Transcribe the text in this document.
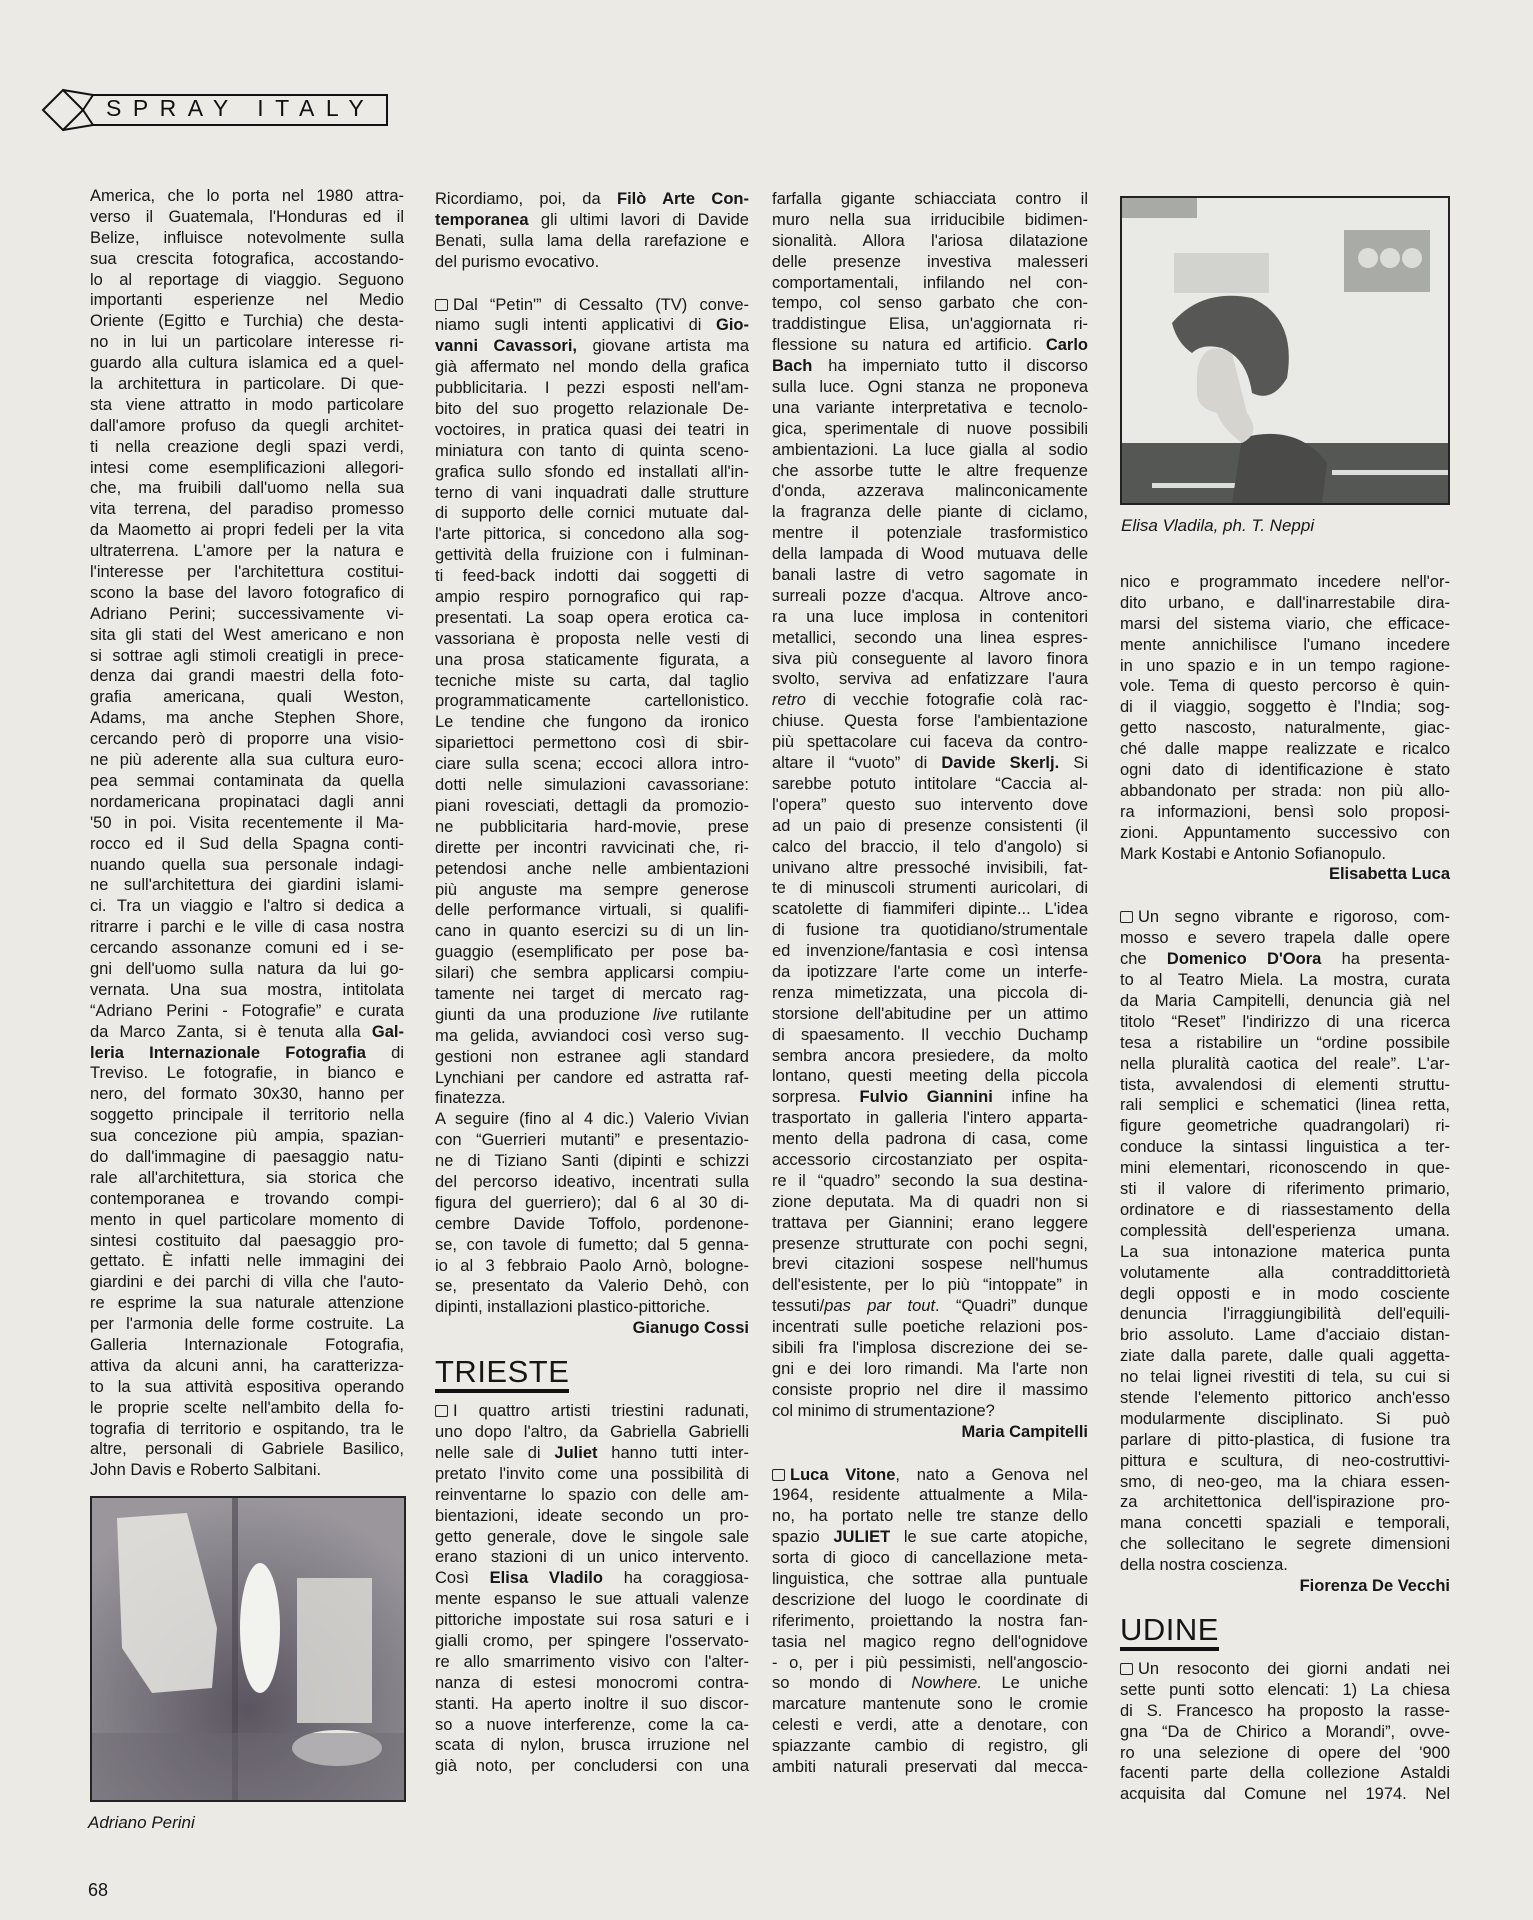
SPRAY ITALY
America, che lo porta nel 1980 attra-
verso il Guatemala, l'Honduras ed il
Belize, influisce notevolmente sulla
sua crescita fotografica, accostando-
lo al reportage di viaggio. Seguono
importanti esperienze nel Medio
Oriente (Egitto e Turchia) che desta-
no in lui un particolare interesse ri-
guardo alla cultura islamica ed a quel-
la architettura in particolare. Di que-
sta viene attratto in modo particolare
dall'amore profuso da quegli architet-
ti nella creazione degli spazi verdi,
intesi come esemplificazioni allegori-
che, ma fruibili dall'uomo nella sua
vita terrena, del paradiso promesso
da Maometto ai propri fedeli per la vita
ultraterrena. L'amore per la natura e
l'interesse per l'architettura costitui-
scono la base del lavoro fotografico di
Adriano Perini; successivamente vi-
sita gli stati del West americano e non
si sottrae agli stimoli creatigli in prece-
denza dai grandi maestri della foto-
grafia americana, quali Weston,
Adams, ma anche Stephen Shore,
cercando però di proporre una visio-
ne più aderente alla sua cultura euro-
pea semmai contaminata da quella
nordamericana propinataci dagli anni
'50 in poi. Visita recentemente il Ma-
rocco ed il Sud della Spagna conti-
nuando quella sua personale indagi-
ne sull'architettura dei giardini islami-
ci. Tra un viaggio e l'altro si dedica a
ritrarre i parchi e le ville di casa nostra
cercando assonanze comuni ed i se-
gni dell'uomo sulla natura da lui go-
vernata. Una sua mostra, intitolata
“Adriano Perini - Fotografie” e curata
da Marco Zanta, si è tenuta alla Gal-
leria Internazionale Fotografia di
Treviso. Le fotografie, in bianco e
nero, del formato 30x30, hanno per
soggetto principale il territorio nella
sua concezione più ampia, spazian-
do dall'immagine di paesaggio natu-
rale all'architettura, sia storica che
contemporanea e trovando compi-
mento in quel particolare momento di
sintesi costituito dal paesaggio pro-
gettato. È infatti nelle immagini dei
giardini e dei parchi di villa che l'auto-
re esprime la sua naturale attenzione
per l'armonia delle forme costruite. La
Galleria Internazionale Fotografia,
attiva da alcuni anni, ha caratterizza-
to la sua attività espositiva operando
le proprie scelte nell'ambito della fo-
tografia di territorio e ospitando, tra le
altre, personali di Gabriele Basilico,
John Davis e Roberto Salbitani.
Ricordiamo, poi, da Filò Arte Con-
temporanea gli ultimi lavori di Davide
Benati, sulla lama della rarefazione e
del purismo evocativo.
Dal “Petin'” di Cessalto (TV) conve-
niamo sugli intenti applicativi di Gio-
vanni Cavassori, giovane artista ma
già affermato nel mondo della grafica
pubblicitaria. I pezzi esposti nell'am-
bito del suo progetto relazionale De-
voctoires, in pratica quasi dei teatri in
miniatura con tanto di quinta sceno-
grafica sullo sfondo ed installati all'in-
terno di vani inquadrati dalle strutture
di supporto delle cornici mutuate dal-
l'arte pittorica, si concedono alla sog-
gettività della fruizione con i fulminan-
ti feed-back indotti dai soggetti di
ampio respiro pornografico qui rap-
presentati. La soap opera erotica ca-
vassoriana è proposta nelle vesti di
una prosa staticamente figurata, a
tecniche miste su carta, dal taglio
programmaticamente cartellonistico.
Le tendine che fungono da ironico
sipariettoci permettono così di sbir-
ciare sulla scena; eccoci allora intro-
dotti nelle simulazioni cavassoriane:
piani rovesciati, dettagli da promozio-
ne pubblicitaria hard-movie, prese
dirette per incontri ravvicinati che, ri-
petendosi anche nelle ambientazioni
più anguste ma sempre generose
delle performance virtuali, si qualifi-
cano in quanto esercizi su di un lin-
guaggio (esemplificato per pose ba-
silari) che sembra applicarsi compiu-
tamente nei target di mercato rag-
giunti da una produzione live rutilante
ma gelida, avviandoci così verso sug-
gestioni non estranee agli standard
Lynchiani per candore ed astratta raf-
finatezza.
A seguire (fino al 4 dic.) Valerio Vivian
con “Guerrieri mutanti” e presentazio-
ne di Tiziano Santi (dipinti e schizzi
del percorso ideativo, incentrati sulla
figura del guerriero); dal 6 al 30 di-
cembre Davide Toffolo, pordenone-
se, con tavole di fumetto; dal 5 genna-
io al 3 febbraio Paolo Arnò, bologne-
se, presentato da Valerio Dehò, con
dipinti, installazioni plastico-pittoriche.
Gianugo Cossi
TRIESTE
I quattro artisti triestini radunati,
uno dopo l'altro, da Gabriella Gabrielli
nelle sale di Juliet hanno tutti inter-
pretato l'invito come una possibilità di
reinventarne lo spazio con delle am-
bientazioni, ideate secondo un pro-
getto generale, dove le singole sale
erano stazioni di un unico intervento.
Così Elisa Vladilo ha coraggiosa-
mente espanso le sue attuali valenze
pittoriche impostate sui rosa saturi e i
gialli cromo, per spingere l'osservato-
re allo smarrimento visivo con l'alter-
nanza di estesi monocromi contra-
stanti. Ha aperto inoltre il suo discor-
so a nuove interferenze, come la ca-
scata di nylon, brusca irruzione nel
già noto, per concludersi con una
farfalla gigante schiacciata contro il
muro nella sua irriducibile bidimen-
sionalità. Allora l'ariosa dilatazione
delle presenze investiva malesseri
comportamentali, infilando nel con-
tempo, col senso garbato che con-
traddistingue Elisa, un'aggiornata ri-
flessione su natura ed artificio. Carlo
Bach ha imperniato tutto il discorso
sulla luce. Ogni stanza ne proponeva
una variante interpretativa e tecnolo-
gica, sperimentale di nuove possibili
ambientazioni. La luce gialla al sodio
che assorbe tutte le altre frequenze
d'onda, azzerava malinconicamente
la fragranza delle piante di ciclamo,
mentre il potenziale trasformistico
della lampada di Wood mutuava delle
banali lastre di vetro sagomate in
surreali pozze d'acqua. Altrove anco-
ra una luce implosa in contenitori
metallici, secondo una linea espres-
siva più conseguente al lavoro finora
svolto, serviva ad enfatizzare l'aura
retro di vecchie fotografie colà rac-
chiuse. Questa forse l'ambientazione
più spettacolare cui faceva da contro-
altare il “vuoto” di Davide Skerlj. Si
sarebbe potuto intitolare “Caccia al-
l'opera” questo suo intervento dove
ad un paio di presenze consistenti (il
calco del braccio, il telo d'angolo) si
univano altre pressoché invisibili, fat-
te di minuscoli strumenti auricolari, di
scatolette di fiammiferi dipinte... L'idea
di fusione tra quotidiano/strumentale
ed invenzione/fantasia e così intensa
da ipotizzare l'arte come un interfe-
renza mimetizzata, una piccola di-
storsione dell'abitudine per un attimo
di spaesamento. Il vecchio Duchamp
sembra ancora presiedere, da molto
lontano, questi meeting della piccola
sorpresa. Fulvio Giannini infine ha
trasportato in galleria l'intero apparta-
mento della padrona di casa, come
accessorio circostanziato per ospita-
re il “quadro” secondo la sua destina-
zione deputata. Ma di quadri non si
trattava per Giannini; erano leggere
presenze strutturate con pochi segni,
brevi citazioni sospese nell'humus
dell'esistente, per lo più “intoppate” in
tessuti/pas par tout. “Quadri” dunque
incentrati sulle poetiche relazioni pos-
sibili fra l'implosa discrezione dei se-
gni e dei loro rimandi. Ma l'arte non
consiste proprio nel dire il massimo
col minimo di strumentazione?
Maria Campitelli
Luca Vitone, nato a Genova nel
1964, residente attualmente a Mila-
no, ha portato nelle tre stanze dello
spazio JULIET le sue carte atopiche,
sorta di gioco di cancellazione meta-
linguistica, che sottrae alla puntuale
descrizione del luogo le coordinate di
riferimento, proiettando la nostra fan-
tasia nel magico regno dell'ognidove
- o, per i più pessimisti, nell'angoscio-
so mondo di Nowhere. Le uniche
marcature mantenute sono le cromie
celesti e verdi, atte a denotare, con
spiazzante cambio di registro, gli
ambiti naturali preservati dal mecca-
nico e programmato incedere nell'or-
dito urbano, e dall'inarrestabile dira-
marsi del sistema viario, che efficace-
mente annichilisce l'umano incedere
in uno spazio e in un tempo ragione-
vole. Tema di questo percorso è quin-
di il viaggio, soggetto è l'India; sog-
getto nascosto, naturalmente, giac-
ché dalle mappe realizzate e ricalco
ogni dato di identificazione è stato
abbandonato per strada: non più allo-
ra informazioni, bensì solo proposi-
zioni. Appuntamento successivo con
Mark Kostabi e Antonio Sofianopulo.
Elisabetta Luca
Un segno vibrante e rigoroso, com-
mosso e severo trapela dalle opere
che Domenico D'Oora ha presenta-
to al Teatro Miela. La mostra, curata
da Maria Campitelli, denuncia già nel
titolo “Reset” l'indirizzo di una ricerca
tesa a ristabilire un “ordine possibile
nella pluralità caotica del reale”. L'ar-
tista, avvalendosi di elementi struttu-
rali semplici e schematici (linea retta,
figure geometriche quadrangolari) ri-
conduce la sintassi linguistica a ter-
mini elementari, riconoscendo in que-
sti il valore di riferimento primario,
ordinatore e di riassestamento della
complessità dell'esperienza umana.
La sua intonazione materica punta
volutamente alla contraddittorietà
degli opposti e in modo cosciente
denuncia l'irraggiungibilità dell'equili-
brio assoluto. Lame d'acciaio distan-
ziate dalla parete, dalle quali aggetta-
no telai lignei rivestiti di tela, su cui si
stende l'elemento pittorico anch'esso
modularmente disciplinato. Si può
parlare di pitto-plastica, di fusione tra
pittura e scultura, di neo-costruttivi-
smo, di neo-geo, ma la chiara essen-
za architettonica dell'ispirazione pro-
mana concetti spaziali e temporali,
che sollecitano le segrete dimensioni
della nostra coscienza.
Fiorenza De Vecchi
UDINE
Un resoconto dei giorni andati nei
sette punti sotto elencati: 1) La chiesa
di S. Francesco ha proposto la rasse-
gna “Da de Chirico a Morandi”, ovve-
ro una selezione di opere del '900
facenti parte della collezione Astaldi
acquisita dal Comune nel 1974. Nel
Adriano Perini
Elisa Vladila, ph. T. Neppi
68
